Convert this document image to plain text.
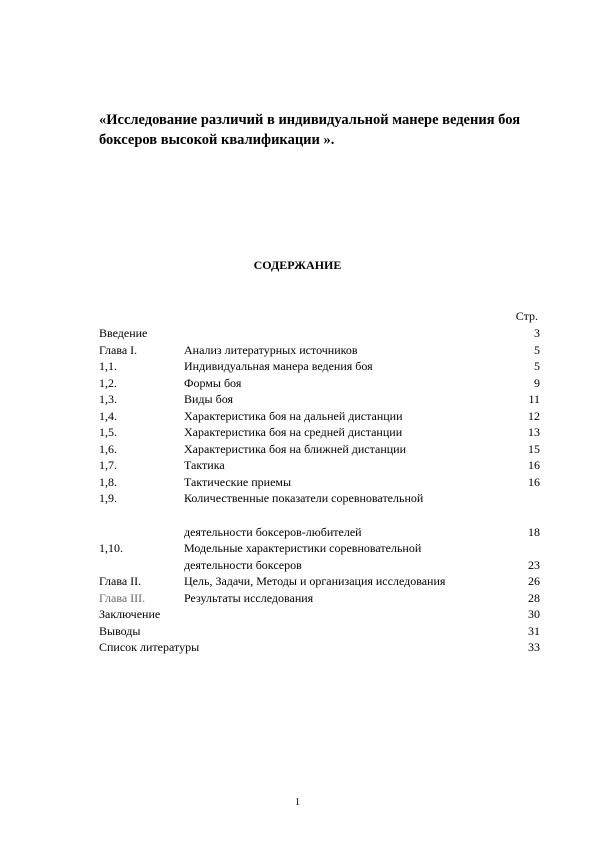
«Исследование различий в индивидуальной манере ведения боя боксеров высокой квалификации ».
СОДЕРЖАНИЕ
Стр.
Введение	3
Глава I.	Анализ литературных источников	5
1,1.	Индивидуальная манера ведения боя	5
1,2.	Формы боя	9
1,3.	Виды боя	11
1,4.	Характеристика боя на дальней дистанции	12
1,5.	Характеристика боя на средней дистанции	13
1,6.	Характеристика боя на ближней дистанции	15
1,7.	Тактика	16
1,8.	Тактические приемы	16
1,9.	Количественные показатели соревновательной
деятельности боксеров-любителей	18
1,10.	Модельные характеристики соревновательной
деятельности боксеров	23
Глава II.	Цель, Задачи, Методы и организация исследования	26
Глава III.	Результаты исследования	28
Заключение	30
Выводы	31
Список литературы	33
1
